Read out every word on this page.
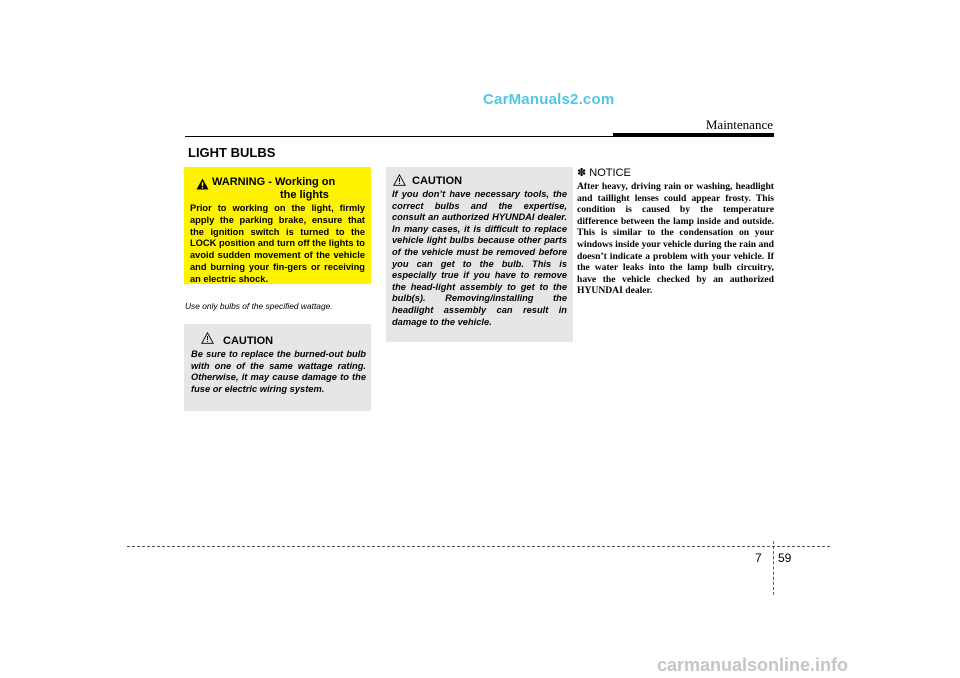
CarManuals2.com
Maintenance
LIGHT BULBS
WARNING - Working on
the lights
Prior to working on the light, firmly apply the parking brake, ensure that the ignition switch is turned to the LOCK position and turn off the lights to avoid sudden movement of the vehicle and burning your fin-gers or receiving an electric shock.
Use only bulbs of the specified wattage.
CAUTION
Be sure to replace the burned-out bulb with one of the same wattage rating. Otherwise, it may cause damage to the fuse or electric wiring system.
CAUTION
If you don’t have necessary tools, the correct bulbs and the expertise, consult an authorized HYUNDAI dealer. In many cases, it is difficult to replace vehicle light bulbs because other parts of the vehicle must be removed before you can get to the bulb. This is especially true if you have to remove the head-light assembly to get to the bulb(s). Removing/installing the headlight assembly can result in damage to the vehicle.
✽ NOTICE
After heavy, driving rain or washing, headlight and taillight lenses could appear frosty. This condition is caused by the temperature difference between the lamp inside and outside. This is similar to the condensation on your windows inside your vehicle during the rain and doesn’t indicate a problem with your vehicle. If the water leaks into the lamp bulb circuitry, have the vehicle checked by an authorized HYUNDAI dealer.
7 59
carmanualsonline.info
